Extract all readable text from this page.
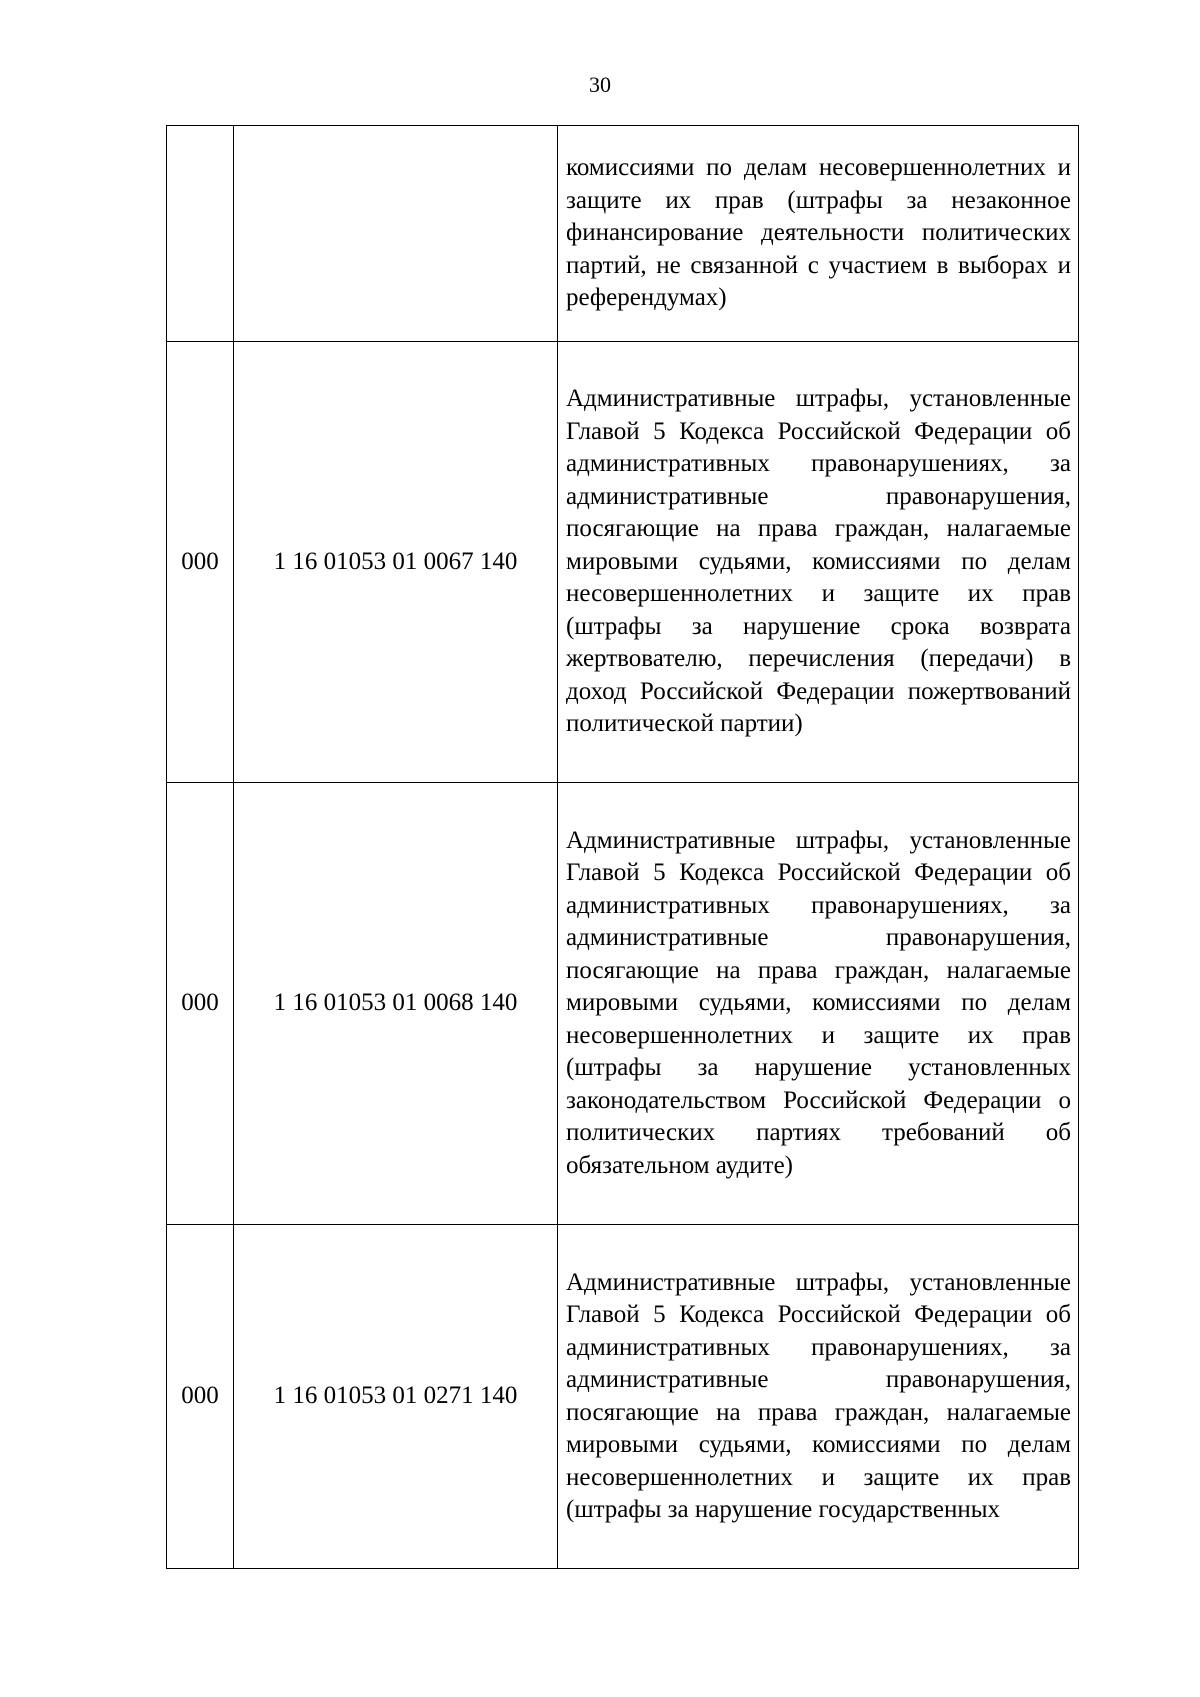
30

		комиссиями по делам несовершеннолетних и защите их прав (штрафы за незаконное финансирование деятельности политических партий, не связанной с участием в выборах и референдумах)

000	1 16 01053 01 0067 140	Административные штрафы, установленные Главой 5 Кодекса Российской Федерации об административных правонарушениях, за административные правонарушения, посягающие на права граждан, налагаемые мировыми судьями, комиссиями по делам несовершеннолетних и защите их прав (штрафы за нарушение срока возврата жертвователю, перечисления (передачи) в доход Российской Федерации пожертвований политической партии)

000	1 16 01053 01 0068 140	Административные штрафы, установленные Главой 5 Кодекса Российской Федерации об административных правонарушениях, за административные правонарушения, посягающие на права граждан, налагаемые мировыми судьями, комиссиями по делам несовершеннолетних и защите их прав (штрафы за нарушение установленных законодательством Российской Федерации о политических партиях требований об обязательном аудите)

000	1 16 01053 01 0271 140	Административные штрафы, установленные Главой 5 Кодекса Российской Федерации об административных правонарушениях, за административные правонарушения, посягающие на права граждан, налагаемые мировыми судьями, комиссиями по делам несовершеннолетних и защите их прав (штрафы за нарушение государственных
